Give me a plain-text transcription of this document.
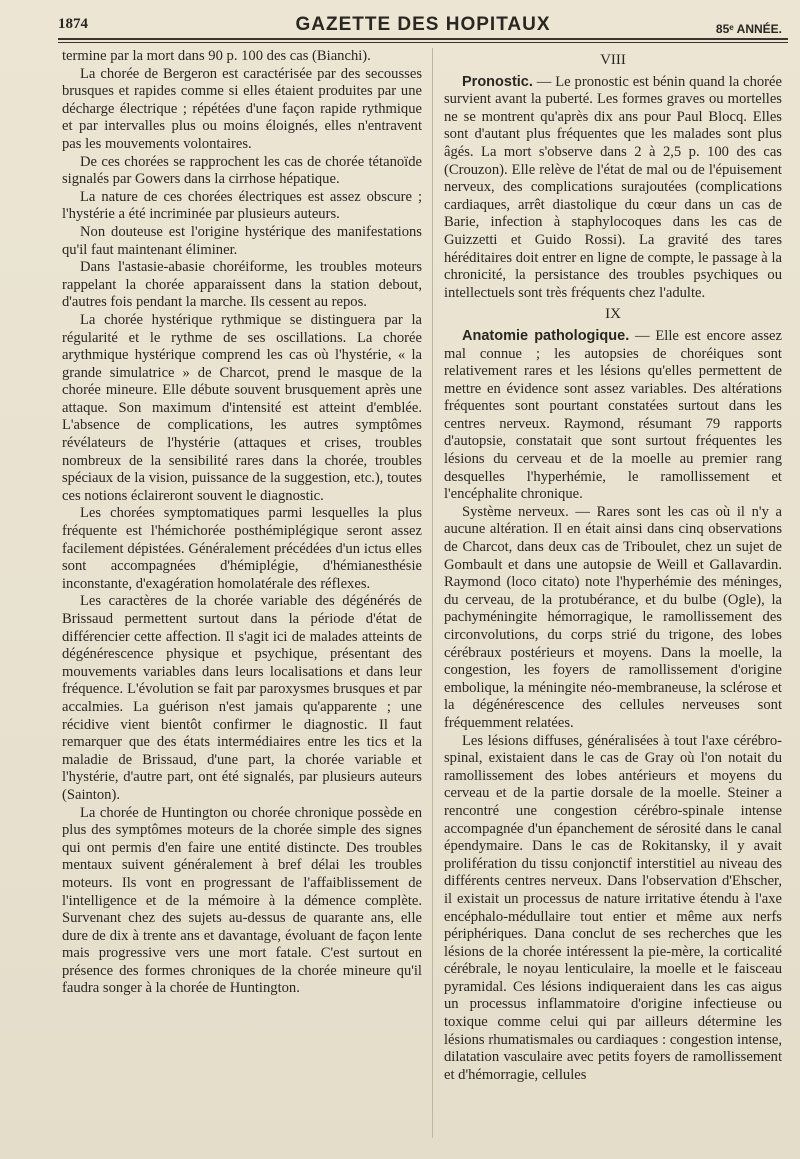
1874	GAZETTE DES HOPITAUX	85ᵉ ANNÉE.

termine par la mort dans 90 p. 100 des cas (Bianchi).

La chorée de Bergeron est caractérisée par des secousses brusques et rapides comme si elles étaient produites par une décharge électrique ; répétées d'une façon rapide rythmique et par intervalles plus ou moins éloignés, elles n'entravent pas les mouvements volontaires.

De ces chorées se rapprochent les cas de chorée tétanoïde signalés par Gowers dans la cirrhose hépatique.

La nature de ces chorées électriques est assez obscure ; l'hystérie a été incriminée par plusieurs auteurs.

Non douteuse est l'origine hystérique des manifestations qu'il faut maintenant éliminer.

Dans l'astasie-abasie choréiforme, les troubles moteurs rappelant la chorée apparaissent dans la station debout, d'autres fois pendant la marche. Ils cessent au repos.

La chorée hystérique rythmique se distinguera par la régularité et le rythme de ses oscillations. La chorée arythmique hystérique comprend les cas où l'hystérie, « la grande simulatrice » de Charcot, prend le masque de la chorée mineure. Elle débute souvent brusquement après une attaque. Son maximum d'intensité est atteint d'emblée. L'absence de complications, les autres symptômes révélateurs de l'hystérie (attaques et crises, troubles nombreux de la sensibilité rares dans la chorée, troubles spéciaux de la vision, puissance de la suggestion, etc.), toutes ces notions éclaireront souvent le diagnostic.

Les chorées symptomatiques parmi lesquelles la plus fréquente est l'hémichorée posthémiplégique seront assez facilement dépistées. Généralement précédées d'un ictus elles sont accompagnées d'hémiplégie, d'hémianesthésie inconstante, d'exagération homolatérale des réflexes.

Les caractères de la chorée variable des dégénérés de Brissaud permettent surtout dans la période d'état de différencier cette affection. Il s'agit ici de malades atteints de dégénérescence physique et psychique, présentant des mouvements variables dans leurs localisations et dans leur fréquence. L'évolution se fait par paroxysmes brusques et par accalmies. La guérison n'est jamais qu'apparente ; une récidive vient bientôt confirmer le diagnostic. Il faut remarquer que des états intermédiaires entre les tics et la maladie de Brissaud, d'une part, la chorée variable et l'hystérie, d'autre part, ont été signalés, par plusieurs auteurs (Sainton).

La chorée de Huntington ou chorée chronique possède en plus des symptômes moteurs de la chorée simple des signes qui ont permis d'en faire une entité distincte. Des troubles mentaux suivent généralement à bref délai les troubles moteurs. Ils vont en progressant de l'affaiblissement de l'intelligence et de la mémoire à la démence complète. Survenant chez des sujets au-dessus de quarante ans, elle dure de dix à trente ans et davantage, évoluant de façon lente mais progressive vers une mort fatale. C'est surtout en présence des formes chroniques de la chorée mineure qu'il faudra songer à la chorée de Huntington.

VIII

Pronostic. — Le pronostic est bénin quand la chorée survient avant la puberté. Les formes graves ou mortelles ne se montrent qu'après dix ans pour Paul Blocq. Elles sont d'autant plus fréquentes que les malades sont plus âgés. La mort s'observe dans 2 à 2,5 p. 100 des cas (Crouzon). Elle relève de l'état de mal ou de l'épuisement nerveux, des complications surajoutées (complications cardiaques, arrêt diastolique du cœur dans un cas de Barie, infection à staphylocoques dans les cas de Guizzetti et Guido Rossi). La gravité des tares héréditaires doit entrer en ligne de compte, le passage à la chronicité, la persistance des troubles psychiques ou intellectuels sont très fréquents chez l'adulte.

IX

Anatomie pathologique. — Elle est encore assez mal connue ; les autopsies de choréiques sont relativement rares et les lésions qu'elles permettent de mettre en évidence sont assez variables. Des altérations fréquentes sont pourtant constatées surtout dans les centres nerveux. Raymond, résumant 79 rapports d'autopsie, constatait que sont surtout fréquentes les lésions du cerveau et de la moelle au premier rang desquelles l'hyperhémie, le ramollissement et l'encéphalite chronique.

Système nerveux. — Rares sont les cas où il n'y a aucune altération. Il en était ainsi dans cinq observations de Charcot, dans deux cas de Triboulet, chez un sujet de Gombault et dans une autopsie de Weill et Gallavardin. Raymond (loco citato) note l'hyperhémie des méninges, du cerveau, de la protubérance, et du bulbe (Ogle), la pachyméningite hémorragique, le ramollissement des circonvolutions, du corps strié du trigone, des lobes cérébraux postérieurs et moyens. Dans la moelle, la congestion, les foyers de ramollissement d'origine embolique, la méningite néo-membraneuse, la sclérose et la dégénérescence des cellules nerveuses sont fréquemment relatées.

Les lésions diffuses, généralisées à tout l'axe cérébro-spinal, existaient dans le cas de Gray où l'on notait du ramollissement des lobes antérieurs et moyens du cerveau et de la partie dorsale de la moelle. Steiner a rencontré une congestion cérébro-spinale intense accompagnée d'un épanchement de sérosité dans le canal épendymaire. Dans le cas de Rokitansky, il y avait prolifération du tissu conjonctif interstitiel au niveau des différents centres nerveux. Dans l'observation d'Ehscher, il existait un processus de nature irritative étendu à l'axe encéphalo-médullaire tout entier et même aux nerfs périphériques. Dana conclut de ses recherches que les lésions de la chorée intéressent la pie-mère, la corticalité cérébrale, le noyau lenticulaire, la moelle et le faisceau pyramidal. Ces lésions indiqueraient dans les cas aigus un processus inflammatoire d'origine infectieuse ou toxique comme celui qui par ailleurs détermine les lésions rhumatismales ou cardiaques : congestion intense, dilatation vasculaire avec petits foyers de ramollissement et d'hémorragie, cellules
